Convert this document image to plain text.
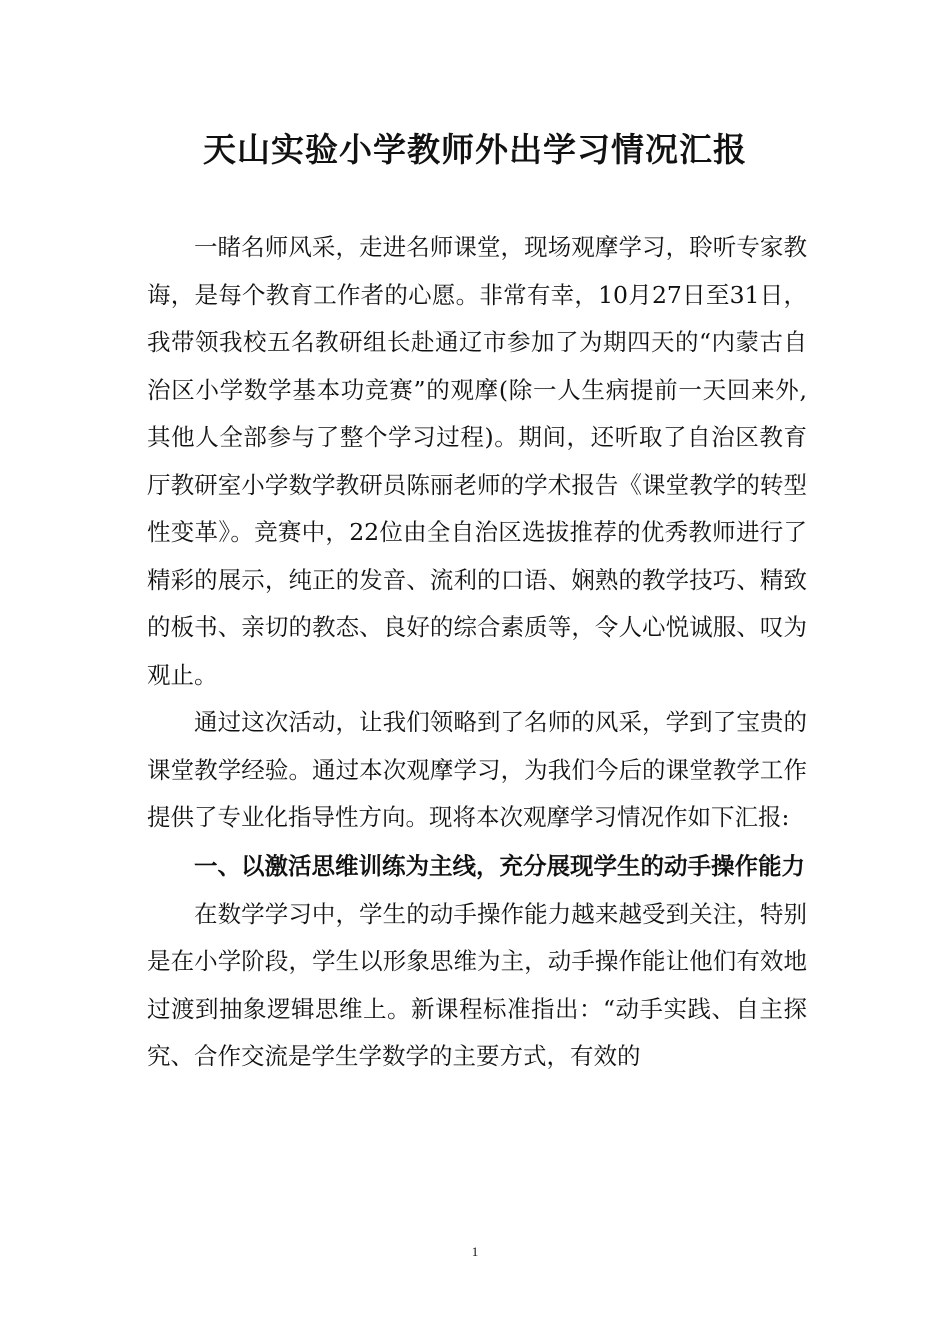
天山实验小学教师外出学习情况汇报

一睹名师风采，走进名师课堂，现场观摩学习，聆听专家教诲，是每个教育工作者的心愿。非常有幸，10月27日至31日，我带领我校五名教研组长赴通辽市参加了为期四天的“内蒙古自治区小学数学基本功竞赛”的观摩(除一人生病提前一天回来外,其他人全部参与了整个学习过程)。期间，还听取了自治区教育厅教研室小学数学教研员陈丽老师的学术报告《课堂教学的转型性变革》。竞赛中，22位由全自治区选拔推荐的优秀教师进行了精彩的展示，纯正的发音、流利的口语、娴熟的教学技巧、精致的板书、亲切的教态、良好的综合素质等，令人心悦诚服、叹为观止。

通过这次活动，让我们领略到了名师的风采，学到了宝贵的课堂教学经验。通过本次观摩学习，为我们今后的课堂教学工作提供了专业化指导性方向。现将本次观摩学习情况作如下汇报:

一、以激活思维训练为主线，充分展现学生的动手操作能力

在数学学习中，学生的动手操作能力越来越受到关注，特别是在小学阶段，学生以形象思维为主，动手操作能让他们有效地过渡到抽象逻辑思维上。新课程标准指出：“动手实践、自主探究、合作交流是学生学数学的主要方式，有效的

1
